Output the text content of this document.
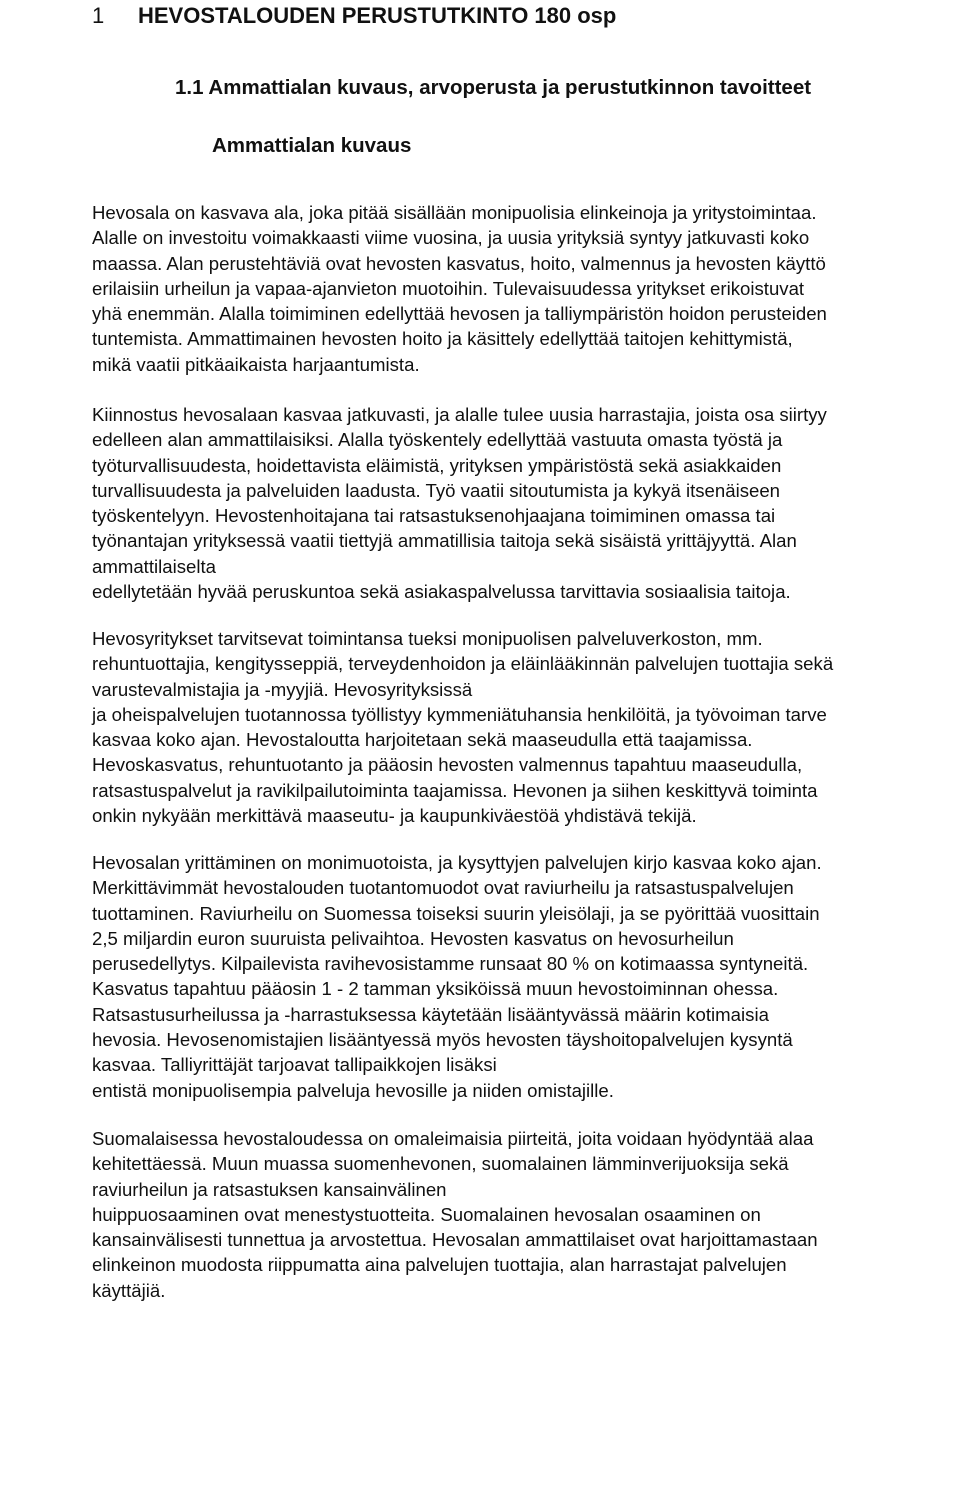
1 HEVOSTALOUDEN PERUSTUTKINTO 180 osp
1.1 Ammattialan kuvaus, arvoperusta ja perustutkinnon tavoitteet
Ammattialan kuvaus
Hevosala on kasvava ala, joka pitää sisällään monipuolisia elinkeinoja ja yritystoimintaa.
Alalle on investoitu voimakkaasti viime vuosina, ja uusia yrityksiä syntyy jatkuvasti koko
maassa. Alan perustehtäviä ovat hevosten kasvatus, hoito, valmennus ja hevosten käyttö
erilaisiin urheilun ja vapaa-ajanvieton muotoihin. Tulevaisuudessa yritykset erikoistuvat
yhä enemmän. Alalla toimiminen edellyttää hevosen ja talliympäristön hoidon perusteiden
tuntemista. Ammattimainen hevosten hoito ja käsittely edellyttää taitojen kehittymistä,
mikä vaatii pitkäaikaista harjaantumista.
Kiinnostus hevosalaan kasvaa jatkuvasti, ja alalle tulee uusia harrastajia, joista osa siirtyy
edelleen alan ammattilaisiksi. Alalla työskentely edellyttää vastuuta omasta työstä ja
työturvallisuudesta, hoidettavista eläimistä, yrityksen ympäristöstä sekä asiakkaiden
turvallisuudesta ja palveluiden laadusta. Työ vaatii sitoutumista ja kykyä itsenäiseen
työskentelyyn. Hevostenhoitajana tai ratsastuksenohjaajana toimiminen omassa tai
työnantajan yrityksessä vaatii tiettyjä ammatillisia taitoja sekä sisäistä yrittäjyyttä. Alan
ammattilaiselta
edellytetään hyvää peruskuntoa sekä asiakaspalvelussa tarvittavia sosiaalisia taitoja.
Hevosyritykset tarvitsevat toimintansa tueksi monipuolisen palveluverkoston, mm.
rehuntuottajia, kengitysseppiä, terveydenhoidon ja eläinlääkinnän palvelujen tuottajia sekä
varustevalmistajia ja -myyjiä. Hevosyrityksissä
ja oheispalvelujen tuotannossa työllistyy kymmeniätuhansia henkilöitä, ja työvoiman tarve
kasvaa koko ajan. Hevostaloutta harjoitetaan sekä maaseudulla että taajamissa.
Hevoskasvatus, rehuntuotanto ja pääosin hevosten valmennus tapahtuu maaseudulla,
ratsastuspalvelut ja ravikilpailutoiminta taajamissa. Hevonen ja siihen keskittyvä toiminta
onkin nykyään merkittävä maaseutu- ja kaupunkiväestöä yhdistävä tekijä.
Hevosalan yrittäminen on monimuotoista, ja kysyttyjen palvelujen kirjo kasvaa koko ajan.
Merkittävimmät hevostalouden tuotantomuodot ovat raviurheilu ja ratsastuspalvelujen
tuottaminen. Raviurheilu on Suomessa toiseksi suurin yleisölaji, ja se pyörittää vuosittain
2,5 miljardin euron suuruista pelivaihtoa. Hevosten kasvatus on hevosurheilun
perusedellytys. Kilpailevista ravihevosistamme runsaat 80 % on kotimaassa syntyneitä.
Kasvatus tapahtuu pääosin 1 - 2 tamman yksiköissä muun hevostoiminnan ohessa.
Ratsastusurheilussa ja -harrastuksessa käytetään lisääntyvässä määrin kotimaisia
hevosia. Hevosenomistajien lisääntyessä myös hevosten täyshoitopalvelujen kysyntä
kasvaa. Talliyrittäjät tarjoavat tallipaikkojen lisäksi
entistä monipuolisempia palveluja hevosille ja niiden omistajille.
Suomalaisessa hevostaloudessa on omaleimaisia piirteitä, joita voidaan hyödyntää alaa
kehitettäessä. Muun muassa suomenhevonen, suomalainen lämminverijuoksija sekä
raviurheilun ja ratsastuksen kansainvälinen
huippuosaaminen ovat menestystuotteita. Suomalainen hevosalan osaaminen on
kansainvälisesti tunnettua ja arvostettua. Hevosalan ammattilaiset ovat harjoittamastaan
elinkeinon muodosta riippumatta aina palvelujen tuottajia, alan harrastajat palvelujen
käyttäjiä.
